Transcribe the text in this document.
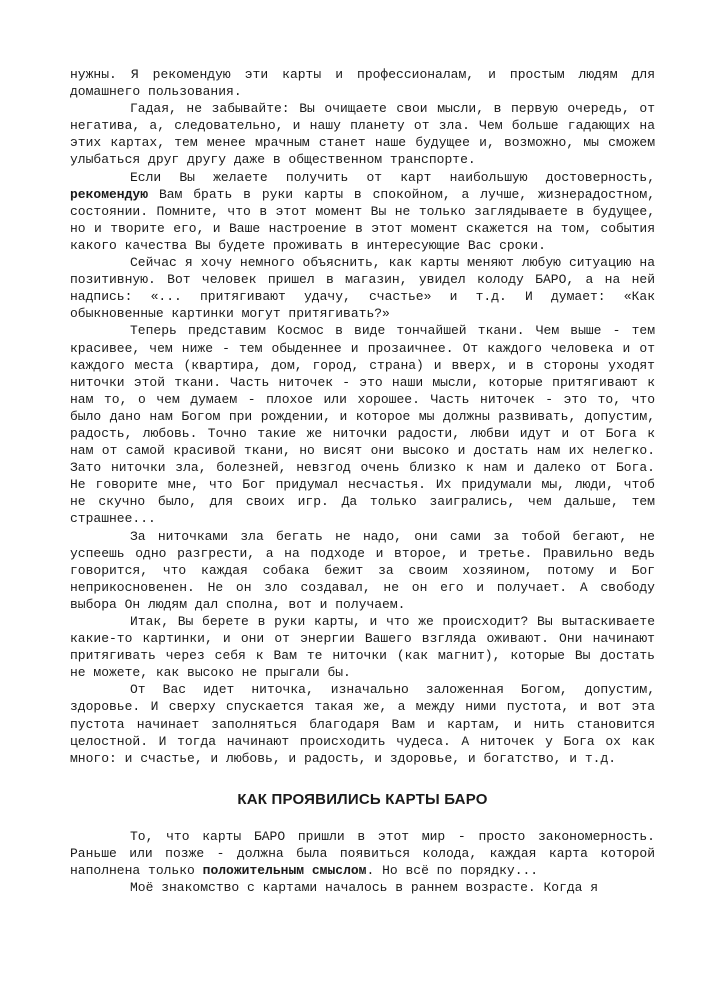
нужны. Я рекомендую эти карты и профессионалам, и простым людям для домашнего пользования.

Гадая, не забывайте: Вы очищаете свои мысли, в первую очередь, от негатива, а, следовательно, и нашу планету от зла. Чем больше гадающих на этих картах, тем менее мрачным станет наше будущее и, возможно, мы сможем улыбаться друг другу даже в общественном транспорте.

Если Вы желаете получить от карт наибольшую достоверность, рекомендую Вам брать в руки карты в спокойном, а лучше, жизнерадостном, состоянии. Помните, что в этот момент Вы не только заглядываете в будущее, но и творите его, и Ваше настроение в этот момент скажется на том, события какого качества Вы будете проживать в интересующие Вас сроки.

Сейчас я хочу немного объяснить, как карты меняют любую ситуацию на позитивную. Вот человек пришел в магазин, увидел колоду БАРО, а на ней надпись: «... притягивают удачу, счастье» и т.д. И думает: «Как обыкновенные картинки могут притягивать?»

Теперь представим Космос в виде тончайшей ткани. Чем выше - тем красивее, чем ниже - тем обыденнее и прозаичнее. От каждого человека и от каждого места (квартира, дом, город, страна) и вверх, и в стороны уходят ниточки этой ткани. Часть ниточек - это наши мысли, которые притягивают к нам то, о чем думаем - плохое или хорошее. Часть ниточек - это то, что было дано нам Богом при рождении, и которое мы должны развивать, допустим, радость, любовь. Точно такие же ниточки радости, любви идут и от Бога к нам от самой красивой ткани, но висят они высоко и достать нам их нелегко. Зато ниточки зла, болезней, невзгод очень близко к нам и далеко от Бога. Не говорите мне, что Бог придумал несчастья. Их придумали мы, люди, чтоб не скучно было, для своих игр. Да только заигрались, чем дальше, тем страшнее...

За ниточками зла бегать не надо, они сами за тобой бегают, не успеешь одно разгрести, а на подходе и второе, и третье. Правильно ведь говорится, что каждая собака бежит за своим хозяином, потому и Бог неприкосновенен. Не он зло создавал, не он его и получает. А свободу выбора Он людям дал сполна, вот и получаем.

Итак, Вы берете в руки карты, и что же происходит? Вы вытаскиваете какие-то картинки, и они от энергии Вашего взгляда оживают. Они начинают притягивать через себя к Вам те ниточки (как магнит), которые Вы достать не можете, как высоко не прыгали бы.

От Вас идет ниточка, изначально заложенная Богом, допустим, здоровье. И сверху спускается такая же, а между ними пустота, и вот эта пустота начинает заполняться благодаря Вам и картам, и нить становится целостной. И тогда начинают происходить чудеса. А ниточек у Бога ох как много: и счастье, и любовь, и радость, и здоровье, и богатство, и т.д.

КАК ПРОЯВИЛИСЬ КАРТЫ БАРО

То, что карты БАРО пришли в этот мир - просто закономерность. Раньше или позже - должна была появиться колода, каждая карта которой наполнена только положительным смыслом. Но всё по порядку...

Моё знакомство с картами началось в раннем возрасте. Когда я
